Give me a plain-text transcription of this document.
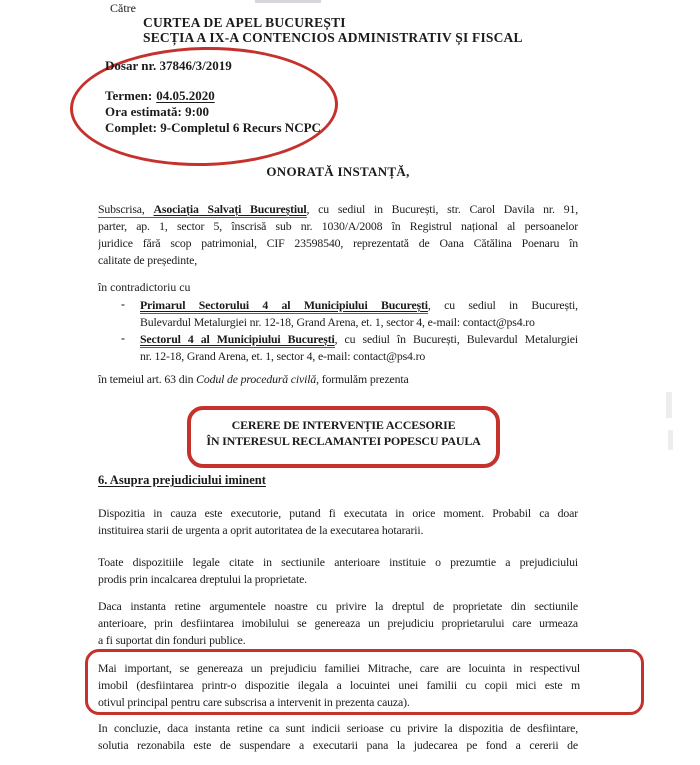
Către
CURTEA DE APEL BUCUREȘTI
SECȚIA A IX-A CONTENCIOS ADMINISTRATIV ȘI FISCAL
Dosar nr. 37846/3/2019
Termen: 04.05.2020
Ora estimată: 9:00
Complet: 9-Completul 6 Recurs NCPC
ONORATĂ INSTANȚĂ,
Subscrisa, Asociația Salvați Bucureștiul, cu sediul in București, str. Carol Davila nr. 91,
parter, ap. 1, sector 5, înscrisă sub nr. 1030/A/2008 în Registrul național al persoanelor
juridice fără scop patrimonial, CIF 23598540, reprezentată de Oana Cătălina Poenaru în
calitate de președinte,
în contradictoriu cu
- Primarul Sectorului 4 al Municipiului București, cu sediul in București,
Bulevardul Metalurgiei nr. 12-18, Grand Arena, et. 1, sector 4, e-mail: contact@ps4.ro
- Sectorul 4 al Municipiului București, cu sediul în București, Bulevardul Metalurgiei
nr. 12-18, Grand Arena, et. 1, sector 4, e-mail: contact@ps4.ro
în temeiul art. 63 din Codul de procedură civilă, formulăm prezenta
CERERE DE INTERVENȚIE ACCESORIE
ÎN INTERESUL RECLAMANTEI POPESCU PAULA
6. Asupra prejudiciului iminent
Dispozitia in cauza este executorie, putand fi executata in orice moment. Probabil ca doar
instituirea starii de urgenta a oprit autoritatea de la executarea hotararii.
Toate dispozitiile legale citate in sectiunile anterioare instituie o prezumtie a prejudiciului
prodis prin incalcarea dreptului la proprietate.
Daca instanta retine argumentele noastre cu privire la dreptul de proprietate din sectiunile
anterioare, prin desfiintarea imobilului se genereaza un prejudiciu proprietarului care urmeaza
a fi suportat din fonduri publice.
Mai important, se genereaza un prejudiciu familiei Mitrache, care are locuinta in respectivul
imobil (desfiintarea printr-o dispozitie ilegala a locuintei unei familii cu copii mici este m
otivul principal pentru care subscrisa a intervenit in prezenta cauza).
In concluzie, daca instanta retine ca sunt indicii serioase cu privire la dispozitia de desfiintare,
solutia rezonabila este de suspendare a executarii pana la judecarea pe fond a cererii de
